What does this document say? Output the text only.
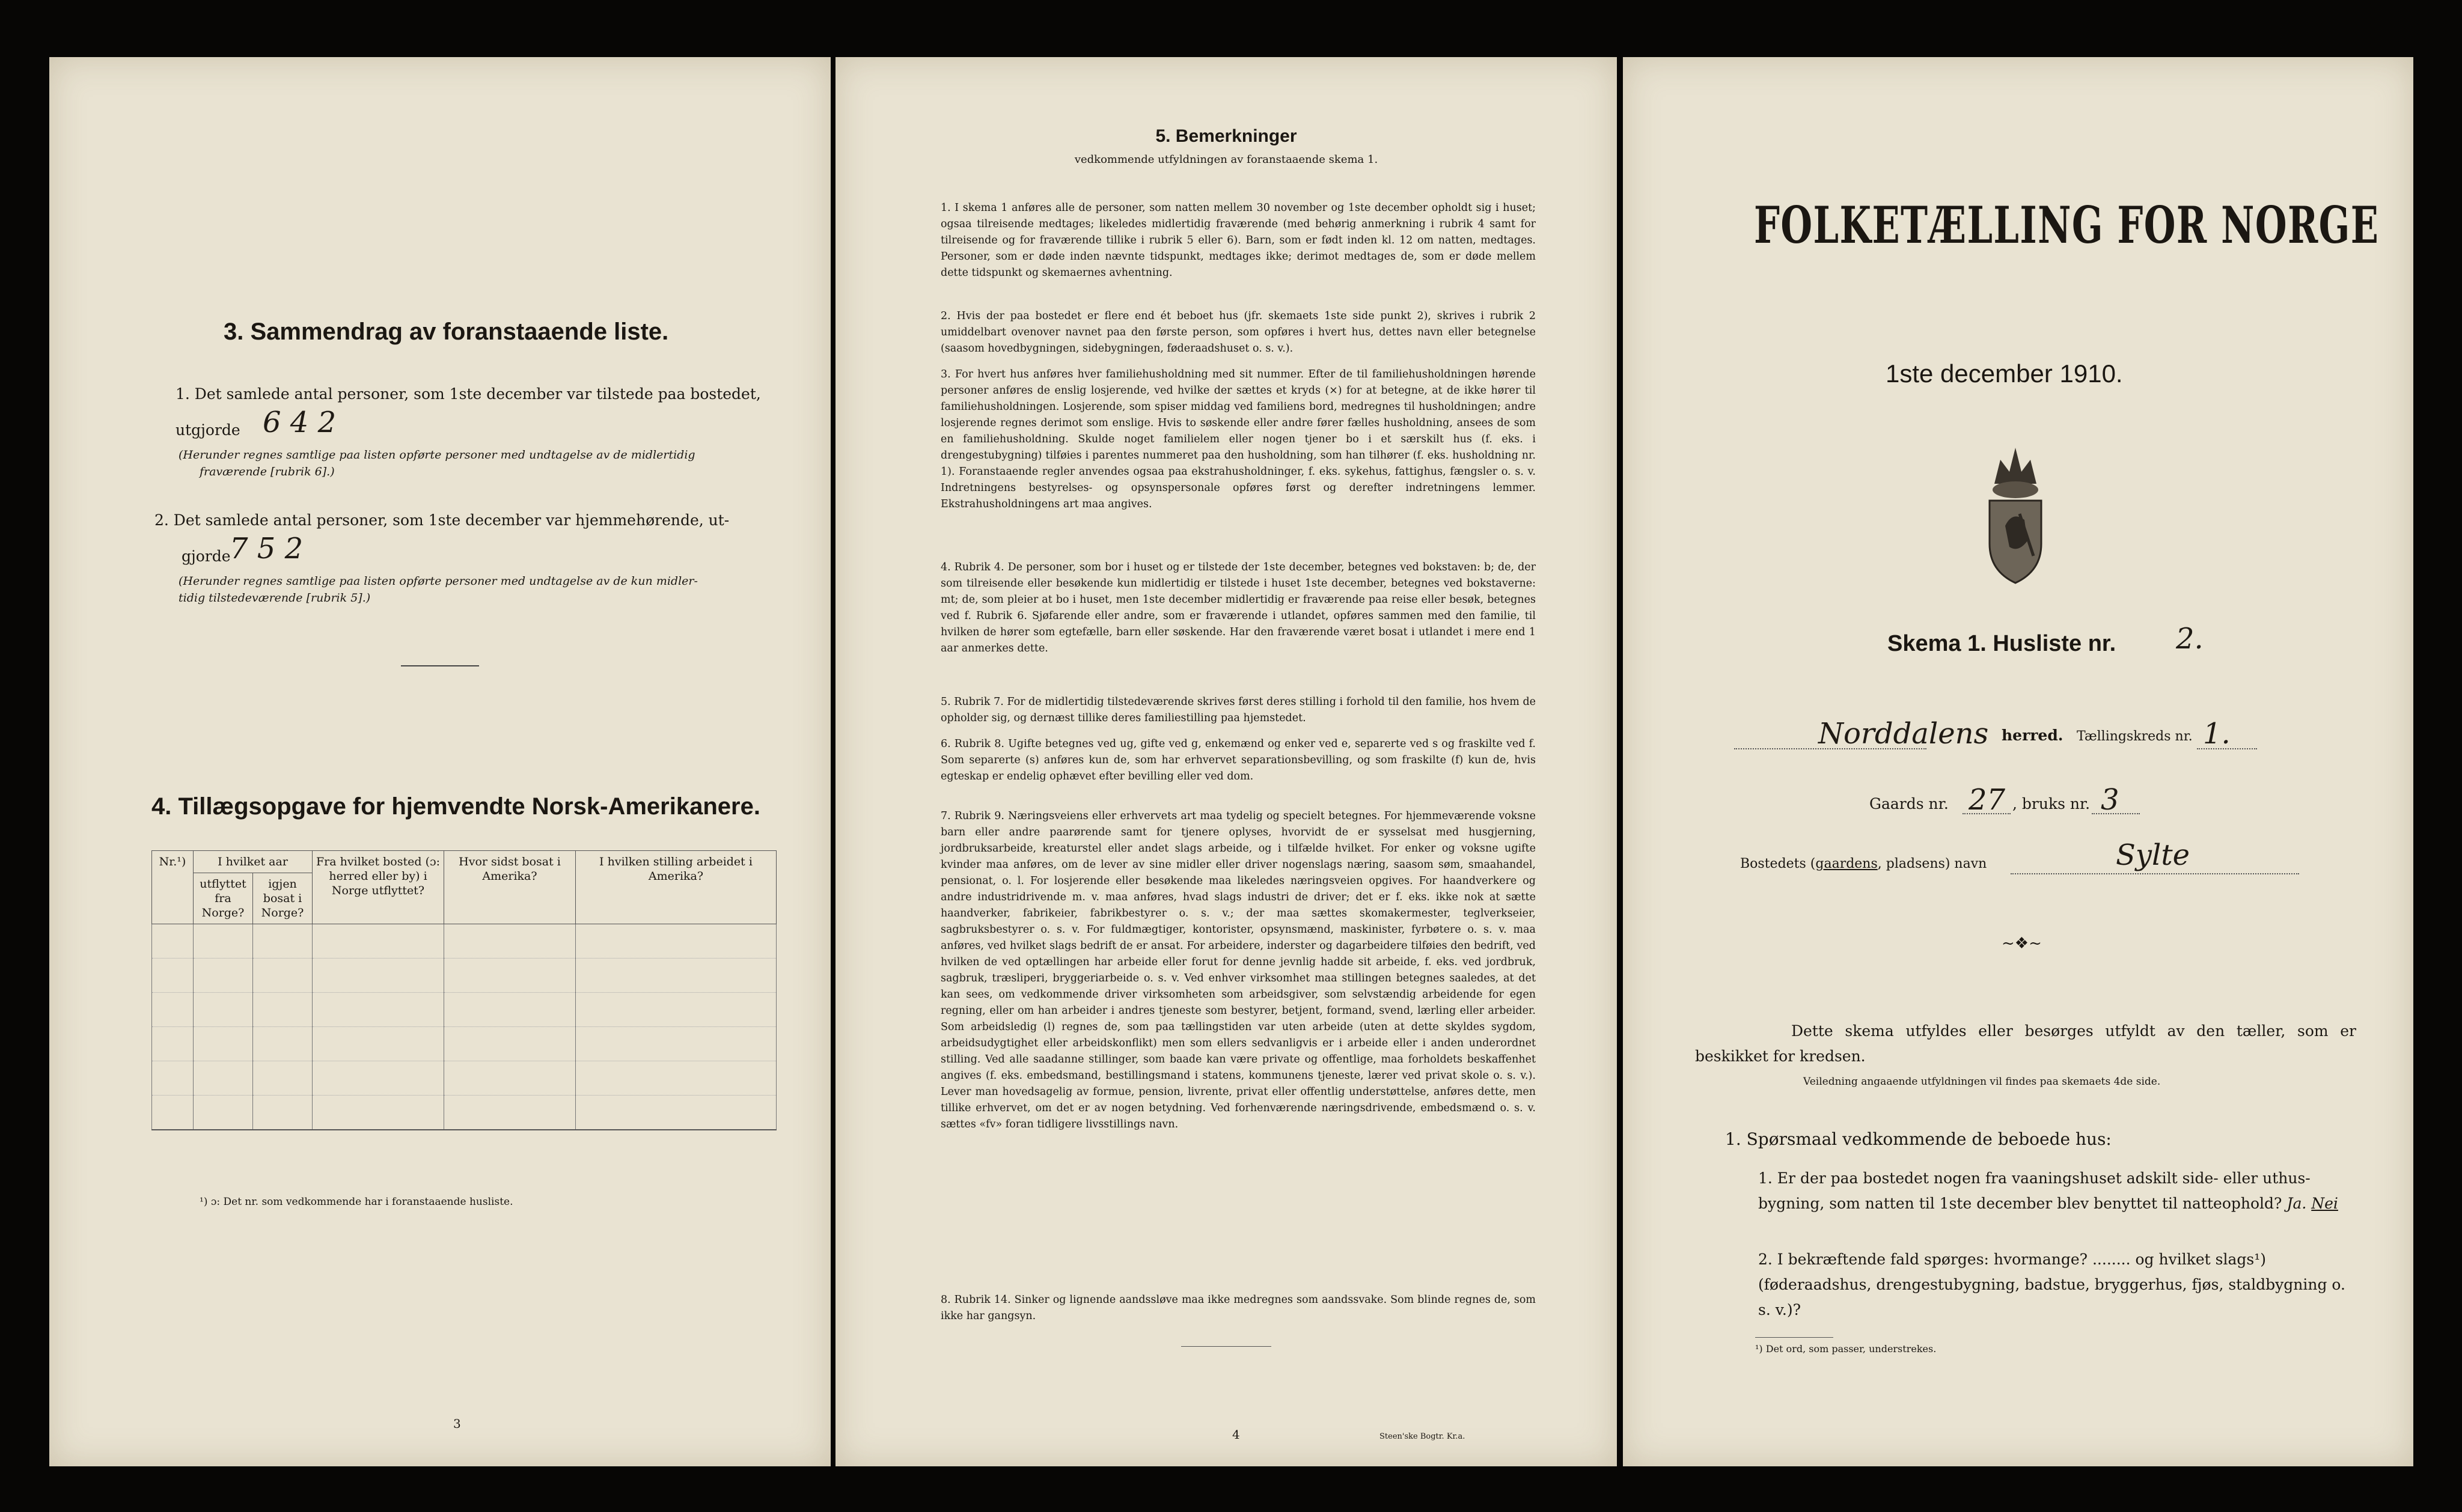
3. Sammendrag av foranstaaende liste.
1. Det samlede antal personer, som 1ste december var tilstede paa bostedet,
utgjorde 6 4 2
(Herunder regnes samtlige paa listen opførte personer med undtagelse av de midlertidig
fraværende [rubrik 6].)
2. Det samlede antal personer, som 1ste december var hjemmehørende, ut-
gjorde
7 5 2
(Herunder regnes samtlige paa listen opførte personer med undtagelse av de kun midler-
tidig tilstedeværende [rubrik 5].)
4. Tillægsopgave for hjemvendte Norsk-Amerikanere.
Nr.¹)	I hvilket aar		Fra hvilket bosted (ɔ: herred eller by) i Norge utflyttet?	Hvor sidst bosat i Amerika?	I hvilken stilling arbeidet i Amerika?
	utflyttet fra Norge?	igjen bosat i Norge?			

¹) ɔ: Det nr. som vedkommende har i foranstaaende husliste.
3
5. Bemerkninger
vedkommende utfyldningen av foranstaaende skema 1.
1. I skema 1 anføres alle de personer, som natten mellem 30 november og 1ste december opholdt sig i huset; ogsaa tilreisende medtages; likeledes midlertidig fraværende (med behørig anmerkning i rubrik 4 samt for tilreisende og for fraværende tillike i rubrik 5 eller 6). Barn, som er født inden kl. 12 om natten, medtages. Personer, som er døde inden nævnte tidspunkt, medtages ikke; derimot medtages de, som er døde mellem dette tidspunkt og skemaernes avhentning.
2. Hvis der paa bostedet er flere end ét beboet hus (jfr. skemaets 1ste side punkt 2), skrives i rubrik 2 umiddelbart ovenover navnet paa den første person, som opføres i hvert hus, dettes navn eller betegnelse (saasom hovedbygningen, sidebygningen, føderaadshuset o. s. v.).
3. For hvert hus anføres hver familiehusholdning med sit nummer. Efter de til familiehusholdningen hørende personer anføres de enslig losjerende, ved hvilke der sættes et kryds (×) for at betegne, at de ikke hører til familiehusholdningen. Losjerende, som spiser middag ved familiens bord, medregnes til husholdningen; andre losjerende regnes derimot som enslige. Hvis to søskende eller andre fører fælles husholdning, ansees de som en familiehusholdning. Skulde noget familielem eller nogen tjener bo i et særskilt hus (f. eks. i drengestubygning) tilføies i parentes nummeret paa den husholdning, som han tilhører (f. eks. husholdning nr. 1). Foranstaaende regler anvendes ogsaa paa ekstrahusholdninger, f. eks. sykehus, fattighus, fængsler o. s. v. Indretningens bestyrelses- og opsynspersonale opføres først og derefter indretningens lemmer. Ekstrahusholdningens art maa angives.
4. Rubrik 4. De personer, som bor i huset og er tilstede der 1ste december, betegnes ved bokstaven: b; de, der som tilreisende eller besøkende kun midlertidig er tilstede i huset 1ste december, betegnes ved bokstaverne: mt; de, som pleier at bo i huset, men 1ste december midlertidig er fraværende paa reise eller besøk, betegnes ved f. Rubrik 6. Sjøfarende eller andre, som er fraværende i utlandet, opføres sammen med den familie, til hvilken de hører som egtefælle, barn eller søskende. Har den fraværende været bosat i utlandet i mere end 1 aar anmerkes dette.
5. Rubrik 7. For de midlertidig tilstedeværende skrives først deres stilling i forhold til den familie, hos hvem de opholder sig, og dernæst tillike deres familiestilling paa hjemstedet.
6. Rubrik 8. Ugifte betegnes ved ug, gifte ved g, enkemænd og enker ved e, separerte ved s og fraskilte ved f. Som separerte (s) anføres kun de, som har erhvervet separationsbevilling, og som fraskilte (f) kun de, hvis egteskap er endelig ophævet efter bevilling eller ved dom.
7. Rubrik 9. Næringsveiens eller erhvervets art maa tydelig og specielt betegnes. For hjemmeværende voksne barn eller andre paarørende samt for tjenere oplyses, hvorvidt de er sysselsat med husgjerning, jordbruksarbeide, kreaturstel eller andet slags arbeide, og i tilfælde hvilket. For enker og voksne ugifte kvinder maa anføres, om de lever av sine midler eller driver nogenslags næring, saasom søm, smaahandel, pensionat, o. l. For losjerende eller besøkende maa likeledes næringsveien opgives. For haandverkere og andre industridrivende m. v. maa anføres, hvad slags industri de driver; det er f. eks. ikke nok at sætte haandverker, fabrikeier, fabrikbestyrer o. s. v.; der maa sættes skomakermester, teglverkseier, sagbruksbestyrer o. s. v. For fuldmægtiger, kontorister, opsynsmænd, maskinister, fyrbøtere o. s. v. maa anføres, ved hvilket slags bedrift de er ansat. For arbeidere, inderster og dagarbeidere tilføies den bedrift, ved hvilken de ved optællingen har arbeide eller forut for denne jevnlig hadde sit arbeide, f. eks. ved jordbruk, sagbruk, træsliperi, bryggeriarbeide o. s. v. Ved enhver virksomhet maa stillingen betegnes saaledes, at det kan sees, om vedkommende driver virksomheten som arbeidsgiver, som selvstændig arbeidende for egen regning, eller om han arbeider i andres tjeneste som bestyrer, betjent, formand, svend, lærling eller arbeider. Som arbeidsledig (l) regnes de, som paa tællingstiden var uten arbeide (uten at dette skyldes sygdom, arbeidsudygtighet eller arbeidskonflikt) men som ellers sedvanligvis er i arbeide eller i anden underordnet stilling. Ved alle saadanne stillinger, som baade kan være private og offentlige, maa forholdets beskaffenhet angives (f. eks. embedsmand, bestillingsmand i statens, kommunens tjeneste, lærer ved privat skole o. s. v.). Lever man hovedsagelig av formue, pension, livrente, privat eller offentlig understøttelse, anføres dette, men tillike erhvervet, om det er av nogen betydning. Ved forhenværende næringsdrivende, embedsmænd o. s. v. sættes «fv» foran tidligere livsstillings navn.
8. Rubrik 14. Sinker og lignende aandssløve maa ikke medregnes som aandssvake. Som blinde regnes de, som ikke har gangsyn.
4	Steen'ske Bogtr. Kr.a.
FOLKETÆLLING FOR NORGE
1ste december 1910.
Skema 1. Husliste nr. 2.
Norddalens herred. Tællingskreds nr. 1.
Gaards nr. 27 , bruks nr. 3
Bostedets (gaardens, pladsens) navn	Sylte
~❖~
Dette skema utfyldes eller besørges utfyldt av den tæller, som er beskikket for kredsen.
Veiledning angaaende utfyldningen vil findes paa skemaets 4de side.
1. Spørsmaal vedkommende de beboede hus:
1. Er der paa bostedet nogen fra vaaningshuset adskilt side- eller uthus-bygning, som natten til 1ste december blev benyttet til natteophold? Ja. Nei
2. I bekræftende fald spørges: hvormange? ........ og hvilket slags¹) (føderaadshus, drengestubygning, badstue, bryggerhus, fjøs, staldbygning o. s. v.)?
¹) Det ord, som passer, understrekes.
